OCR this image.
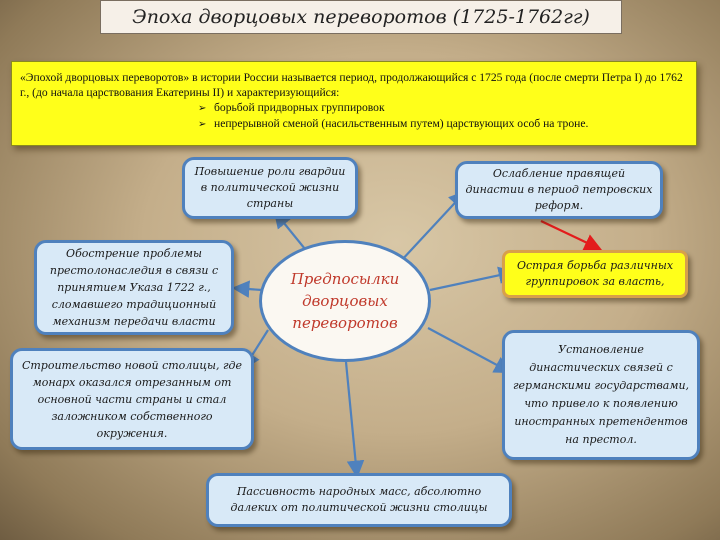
Эпоха дворцовых переворотов (1725-1762гг)
«Эпохой дворцовых переворотов» в истории России называется период, продолжающийся с 1725 года (после смерти Петра I) до 1762 г., (до начала царствования Екатерины II) и характеризующийся:
➢ борьбой придворных группировок
➢ непрерывной сменой (насильственным путем) царствующих особ на троне.
Повышение роли гвардии в политической жизни страны
Ослабление правящей династии в период петровских реформ.
Обострение проблемы престолонаследия в связи с принятием Указа 1722 г., сломавшего традиционный механизм передачи власти
Острая борьба различных группировок за власть,
Предпосылки дворцовых переворотов
Строительство новой столицы, где монарх оказался отрезанным от основной части страны и стал заложником собственного окружения.
Установление династических связей с германскими государствами, что привело к появлению иностранных претендентов на престол.
Пассивность народных масс, абсолютно далеких от политической жизни столицы
